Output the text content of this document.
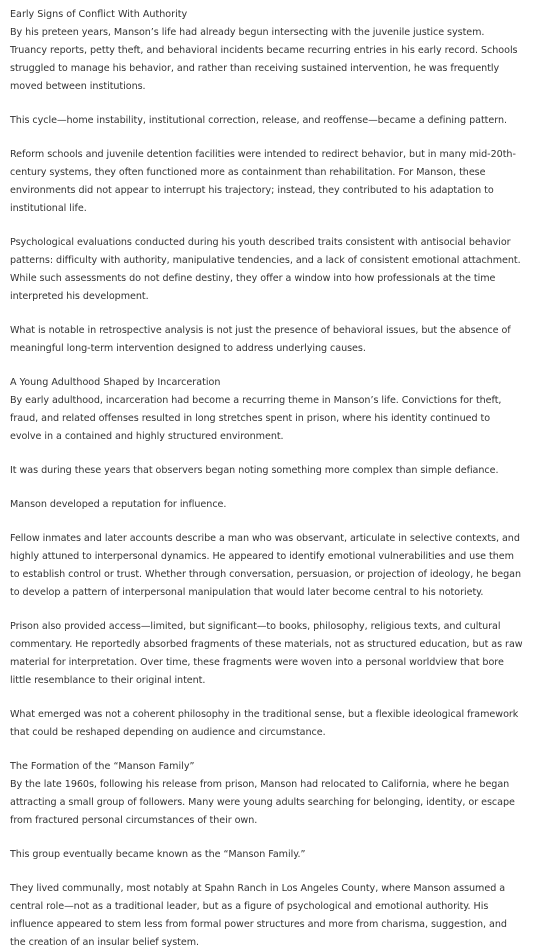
Early Signs of Conflict With Authority

By his preteen years, Manson’s life had already begun intersecting with the juvenile justice system. Truancy reports, petty theft, and behavioral incidents became recurring entries in his early record. Schools struggled to manage his behavior, and rather than receiving sustained intervention, he was frequently moved between institutions.

This cycle—home instability, institutional correction, release, and reoffense—became a defining pattern.

Reform schools and juvenile detention facilities were intended to redirect behavior, but in many mid-20th-century systems, they often functioned more as containment than rehabilitation. For Manson, these environments did not appear to interrupt his trajectory; instead, they contributed to his adaptation to institutional life.

Psychological evaluations conducted during his youth described traits consistent with antisocial behavior patterns: difficulty with authority, manipulative tendencies, and a lack of consistent emotional attachment. While such assessments do not define destiny, they offer a window into how professionals at the time interpreted his development.

What is notable in retrospective analysis is not just the presence of behavioral issues, but the absence of meaningful long-term intervention designed to address underlying causes.

A Young Adulthood Shaped by Incarceration

By early adulthood, incarceration had become a recurring theme in Manson’s life. Convictions for theft, fraud, and related offenses resulted in long stretches spent in prison, where his identity continued to evolve in a contained and highly structured environment.

It was during these years that observers began noting something more complex than simple defiance.

Manson developed a reputation for influence.

Fellow inmates and later accounts describe a man who was observant, articulate in selective contexts, and highly attuned to interpersonal dynamics. He appeared to identify emotional vulnerabilities and use them to establish control or trust. Whether through conversation, persuasion, or projection of ideology, he began to develop a pattern of interpersonal manipulation that would later become central to his notoriety.

Prison also provided access—limited, but significant—to books, philosophy, religious texts, and cultural commentary. He reportedly absorbed fragments of these materials, not as structured education, but as raw material for interpretation. Over time, these fragments were woven into a personal worldview that bore little resemblance to their original intent.

What emerged was not a coherent philosophy in the traditional sense, but a flexible ideological framework that could be reshaped depending on audience and circumstance.

The Formation of the “Manson Family”

By the late 1960s, following his release from prison, Manson had relocated to California, where he began attracting a small group of followers. Many were young adults searching for belonging, identity, or escape from fractured personal circumstances of their own.

This group eventually became known as the “Manson Family.”

They lived communally, most notably at Spahn Ranch in Los Angeles County, where Manson assumed a central role—not as a traditional leader, but as a figure of psychological and emotional authority. His influence appeared to stem less from formal power structures and more from charisma, suggestion, and the creation of an insular belief system.
